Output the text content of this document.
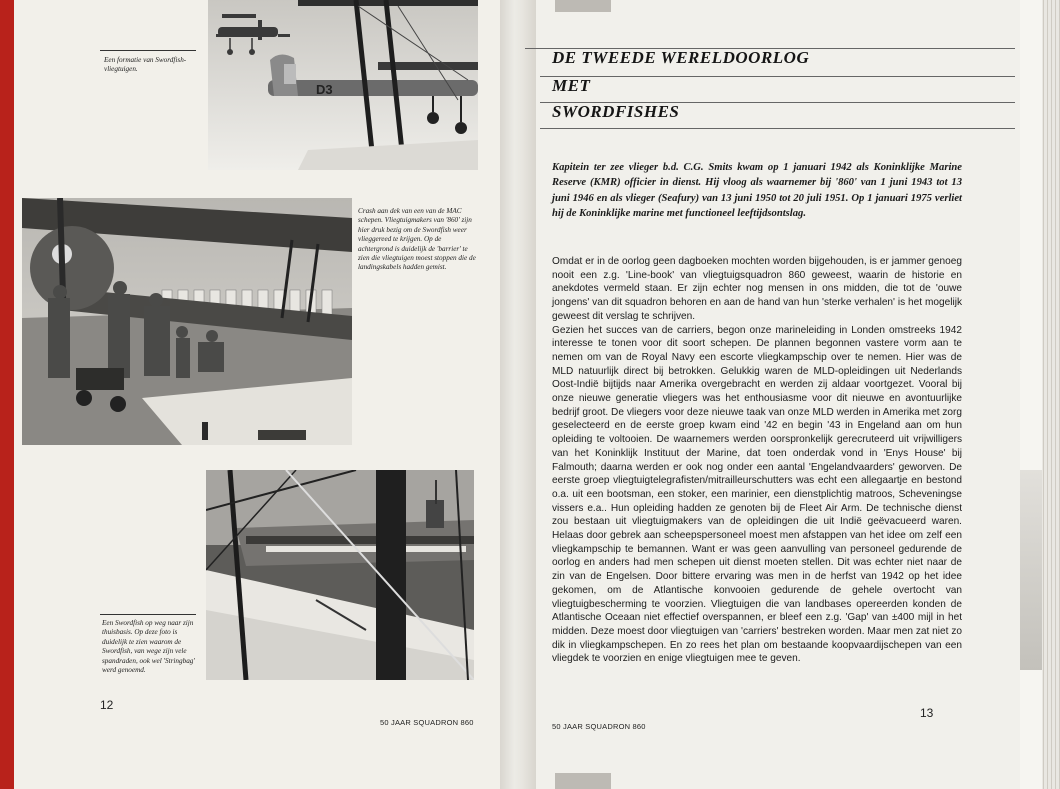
D3
Een formatie van Swordfish-vliegtuigen.
Crash aan dek van een van de MAC schepen. Vliegtuigmakers van '860' zijn hier druk bezig om de Swordfish weer vlieggereed te krijgen. Op de achtergrond is duidelijk de 'barrier' te zien die vliegtuigen moest stoppen die de landingskabels hadden gemist.
Een Swordfish op weg naar zijn thuisbasis. Op deze foto is duidelijk te zien waarom de Swordfish, van wege zijn vele spandraden, ook wel 'Stringbag' werd genoemd.
12
50 JAAR SQUADRON 860
DE TWEEDE WERELDOORLOG
MET
SWORDFISHES
Kapitein ter zee vlieger b.d. C.G. Smits kwam op 1 januari 1942 als Koninklijke Marine Reserve (KMR) officier in dienst. Hij vloog als waarnemer bij '860' van 1 juni 1943 tot 13 juni 1946 en als vlieger (Seafury) van 13 juni 1950 tot 20 juli 1951. Op 1 januari 1975 verliet hij de Koninklijke marine met functioneel leeftijdsontslag.
Omdat er in de oorlog geen dagboeken mochten worden bijgehouden, is er jammer genoeg nooit een z.g. 'Line-book' van vliegtuigsquadron 860 geweest, waarin de historie en anekdotes vermeld staan. Er zijn echter nog mensen in ons midden, die tot de 'ouwe jongens' van dit squadron behoren en aan de hand van hun 'sterke verhalen' is het mogelijk geweest dit verslag te schrijven.
Gezien het succes van de carriers, begon onze marineleiding in Londen omstreeks 1942 interesse te tonen voor dit soort schepen. De plannen begonnen vastere vorm aan te nemen om van de Royal Navy een escorte vliegkampschip over te nemen. Hier was de MLD natuurlijk direct bij betrokken. Gelukkig waren de MLD-opleidingen uit Nederlands Oost-Indië bijtijds naar Amerika overgebracht en werden zij aldaar voortgezet. Vooral bij onze nieuwe generatie vliegers was het enthousiasme voor dit nieuwe en avontuurlijke bedrijf groot. De vliegers voor deze nieuwe taak van onze MLD werden in Amerika met zorg geselecteerd en de eerste groep kwam eind '42 en begin '43 in Engeland aan om hun opleiding te voltooien. De waarnemers werden oorspronkelijk gerecruteerd uit vrijwilligers van het Koninklijk Instituut der Marine, dat toen onderdak vond in 'Enys House' bij Falmouth; daarna werden er ook nog onder een aantal 'Engelandvaarders' geworven. De eerste groep vliegtuigtelegrafisten/mitrailleurschutters was echt een allegaartje en bestond o.a. uit een bootsman, een stoker, een marinier, een dienstplichtig matroos, Scheveningse vissers e.a.. Hun opleiding hadden ze genoten bij de Fleet Air Arm. De technische dienst zou bestaan uit vliegtuigmakers van de opleidingen die uit Indië geëvacueerd waren. Helaas door gebrek aan scheepspersoneel moest men afstappen van het idee om zelf een vliegkampschip te bemannen. Want er was geen aanvulling van personeel gedurende de oorlog en anders had men schepen uit dienst moeten stellen. Dit was echter niet naar de zin van de Engelsen. Door bittere ervaring was men in de herfst van 1942 op het idee gekomen, om de Atlantische konvooien gedurende de gehele overtocht van vliegtuigbescherming te voorzien. Vliegtuigen die van landbases opereerden konden de Atlantische Oceaan niet effectief overspannen, er bleef een z.g. 'Gap' van ±400 mijl in het midden. Deze moest door vliegtuigen van 'carriers' bestreken worden. Maar men zat niet zo dik in vliegkampschepen. En zo rees het plan om bestaande koopvaardijschepen van een vliegdek te voorzien en enige vliegtuigen mee te geven.
50 JAAR SQUADRON 860
13
